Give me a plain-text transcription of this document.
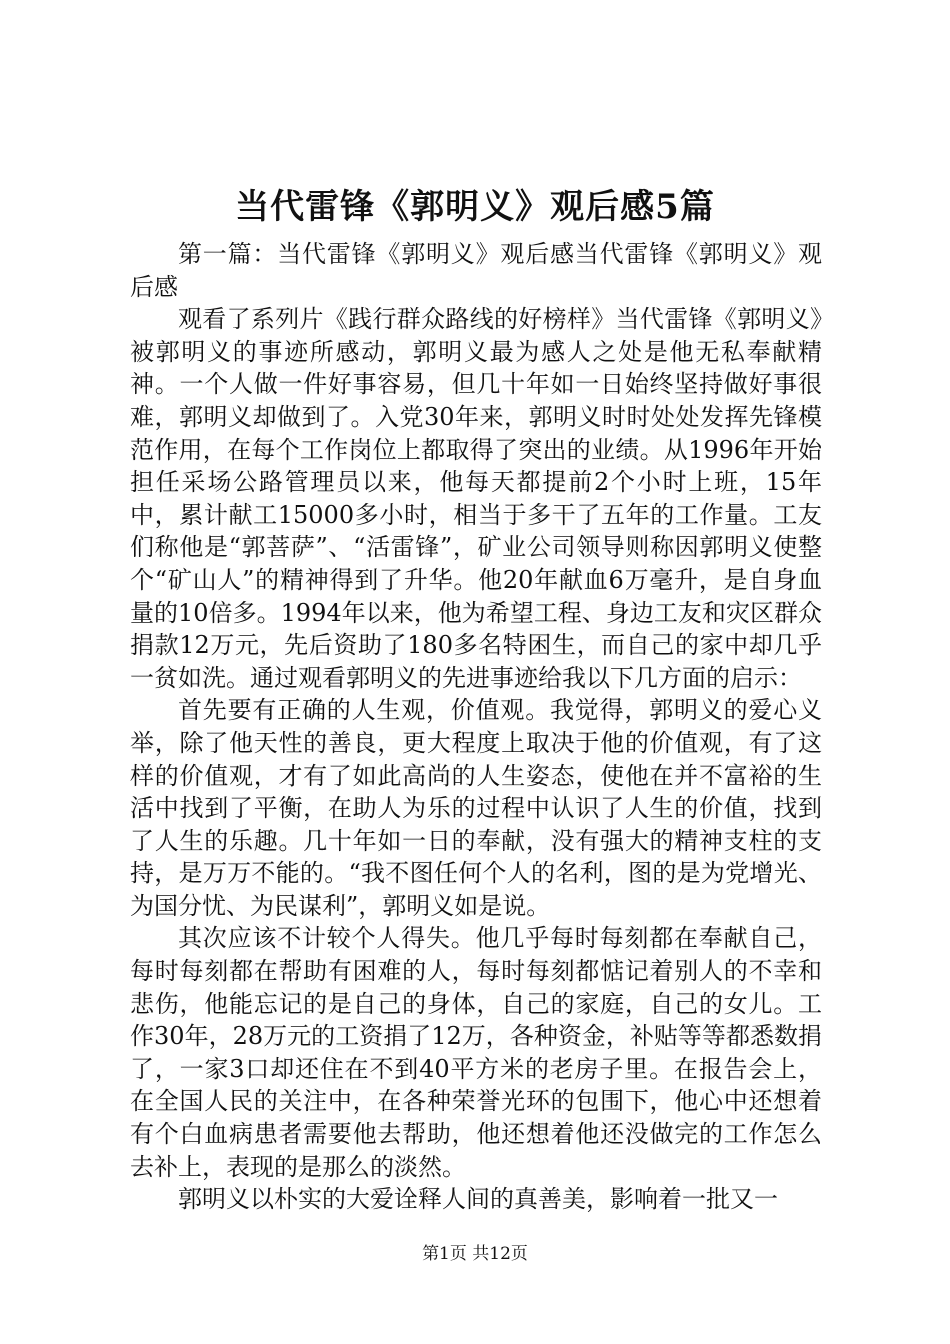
当代雷锋《郭明义》观后感5篇

第一篇：当代雷锋《郭明义》观后感当代雷锋《郭明义》观后感

观看了系列片《践行群众路线的好榜样》当代雷锋《郭明义》被郭明义的事迹所感动，郭明义最为感人之处是他无私奉献精神。一个人做一件好事容易，但几十年如一日始终坚持做好事很难，郭明义却做到了。入党30年来，郭明义时时处处发挥先锋模范作用，在每个工作岗位上都取得了突出的业绩。从1996年开始担任采场公路管理员以来，他每天都提前2个小时上班，15年中，累计献工15000多小时，相当于多干了五年的工作量。工友们称他是“郭菩萨”、“活雷锋”，矿业公司领导则称因郭明义使整个“矿山人”的精神得到了升华。他20年献血6万毫升，是自身血量的10倍多。1994年以来，他为希望工程、身边工友和灾区群众捐款12万元，先后资助了180多名特困生，而自己的家中却几乎一贫如洗。通过观看郭明义的先进事迹给我以下几方面的启示：

首先要有正确的人生观，价值观。我觉得，郭明义的爱心义举，除了他天性的善良，更大程度上取决于他的价值观，有了这样的价值观，才有了如此高尚的人生姿态，使他在并不富裕的生活中找到了平衡，在助人为乐的过程中认识了人生的价值，找到了人生的乐趣。几十年如一日的奉献，没有强大的精神支柱的支持，是万万不能的。“我不图任何个人的名利，图的是为党增光、为国分忧、为民谋利”，郭明义如是说。

其次应该不计较个人得失。他几乎每时每刻都在奉献自己，每时每刻都在帮助有困难的人，每时每刻都惦记着别人的不幸和悲伤，他能忘记的是自己的身体，自己的家庭，自己的女儿。工作30年，28万元的工资捐了12万，各种资金，补贴等等都悉数捐了，一家3口却还住在不到40平方米的老房子里。在报告会上，在全国人民的关注中，在各种荣誉光环的包围下，他心中还想着有个白血病患者需要他去帮助，他还想着他还没做完的工作怎么去补上，表现的是那么的淡然。

郭明义以朴实的大爱诠释人间的真善美，影响着一批又一

第1页 共12页
